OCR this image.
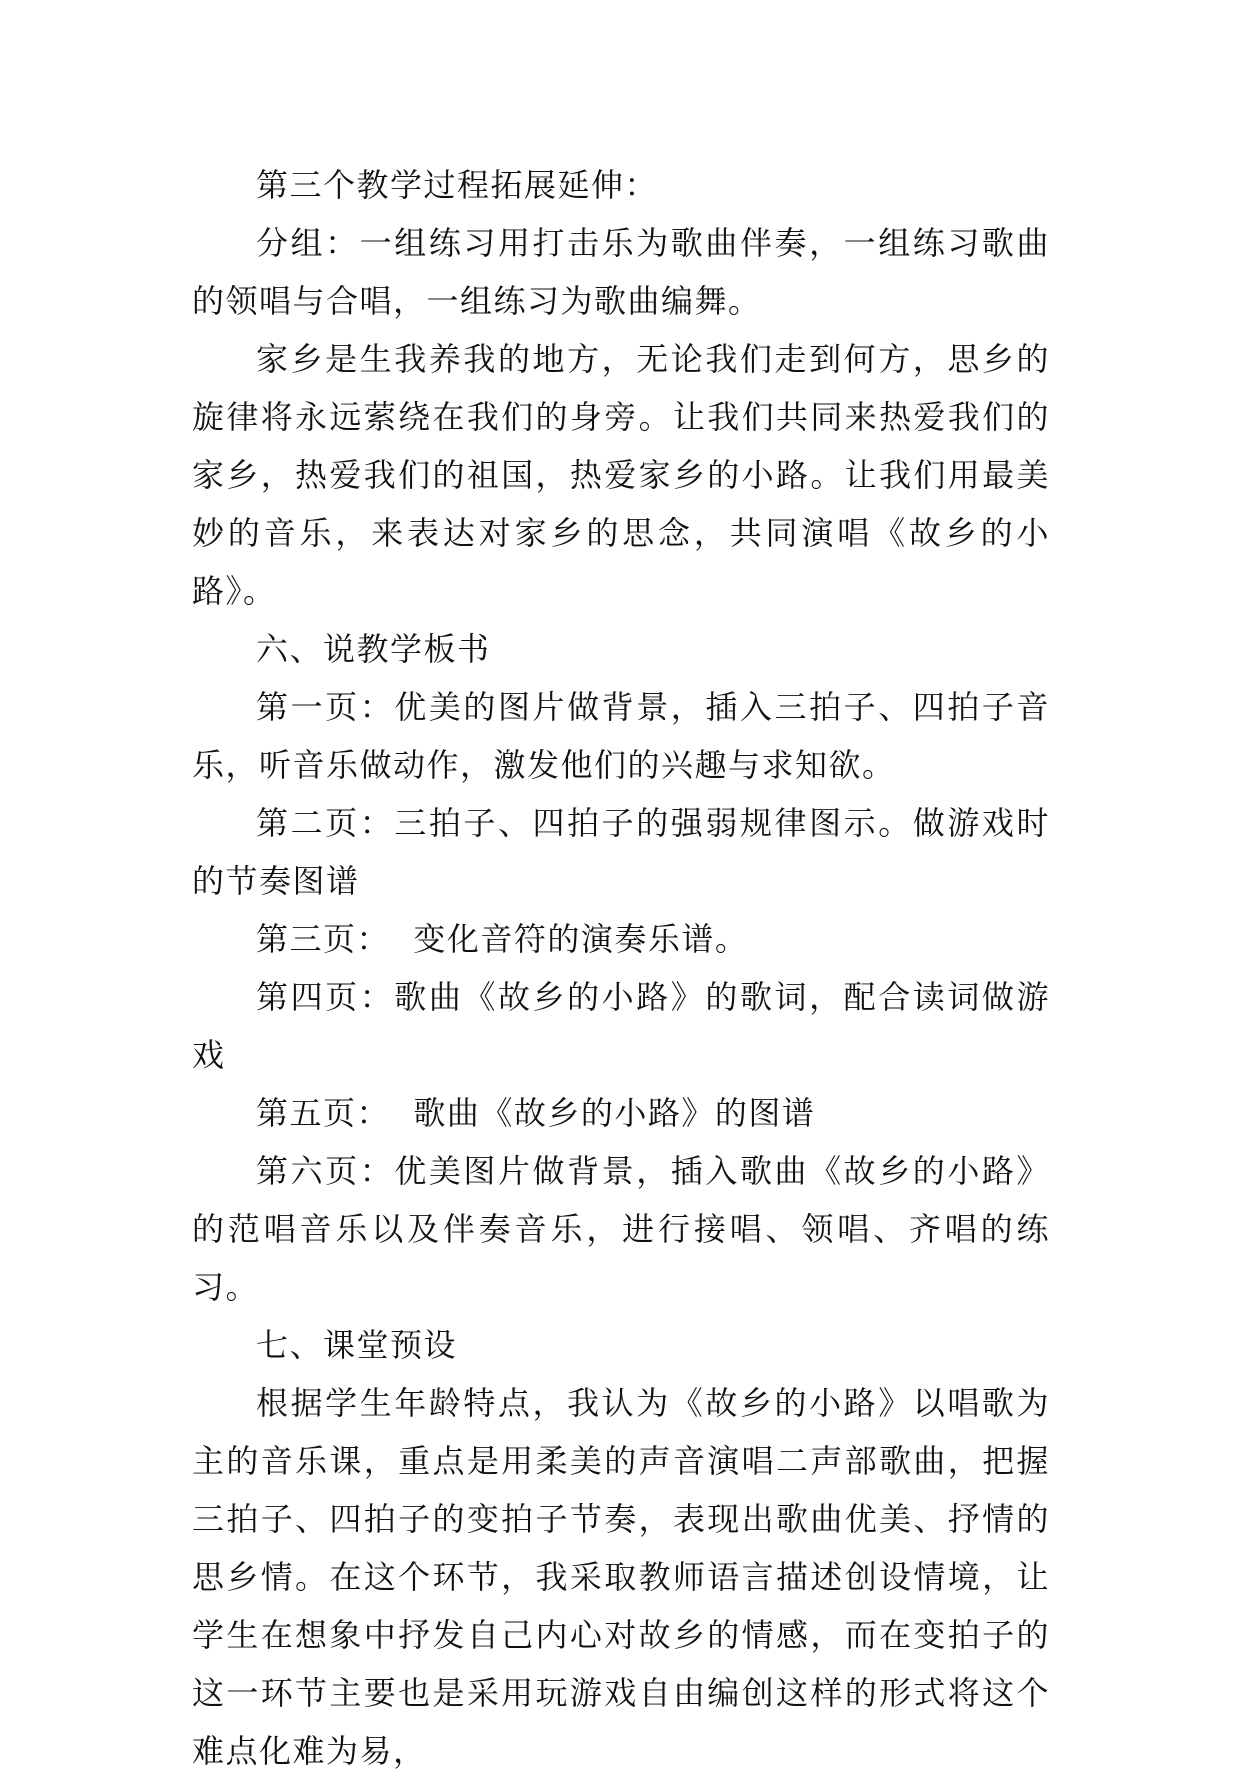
第三个教学过程拓展延伸：

分组：一组练习用打击乐为歌曲伴奏，一组练习歌曲的领唱与合唱，一组练习为歌曲编舞。

家乡是生我养我的地方，无论我们走到何方，思乡的旋律将永远萦绕在我们的身旁。让我们共同来热爱我们的家乡，热爱我们的祖国，热爱家乡的小路。让我们用最美妙的音乐，来表达对家乡的思念，共同演唱《故乡的小路》。

六、说教学板书

第一页：优美的图片做背景，插入三拍子、四拍子音乐，听音乐做动作，激发他们的兴趣与求知欲。

第二页：三拍子、四拍子的强弱规律图示。做游戏时的节奏图谱

第三页：  变化音符的演奏乐谱。

第四页：歌曲《故乡的小路》的歌词，配合读词做游戏

第五页：  歌曲《故乡的小路》的图谱

第六页：优美图片做背景，插入歌曲《故乡的小路》的范唱音乐以及伴奏音乐，进行接唱、领唱、齐唱的练习。

七、课堂预设

根据学生年龄特点，我认为《故乡的小路》以唱歌为主的音乐课，重点是用柔美的声音演唱二声部歌曲，把握三拍子、四拍子的变拍子节奏，表现出歌曲优美、抒情的思乡情。在这个环节，我采取教师语言描述创设情境，让学生在想象中抒发自己内心对故乡的情感，而在变拍子的这一环节主要也是采用玩游戏自由编创这样的形式将这个难点化难为易，
